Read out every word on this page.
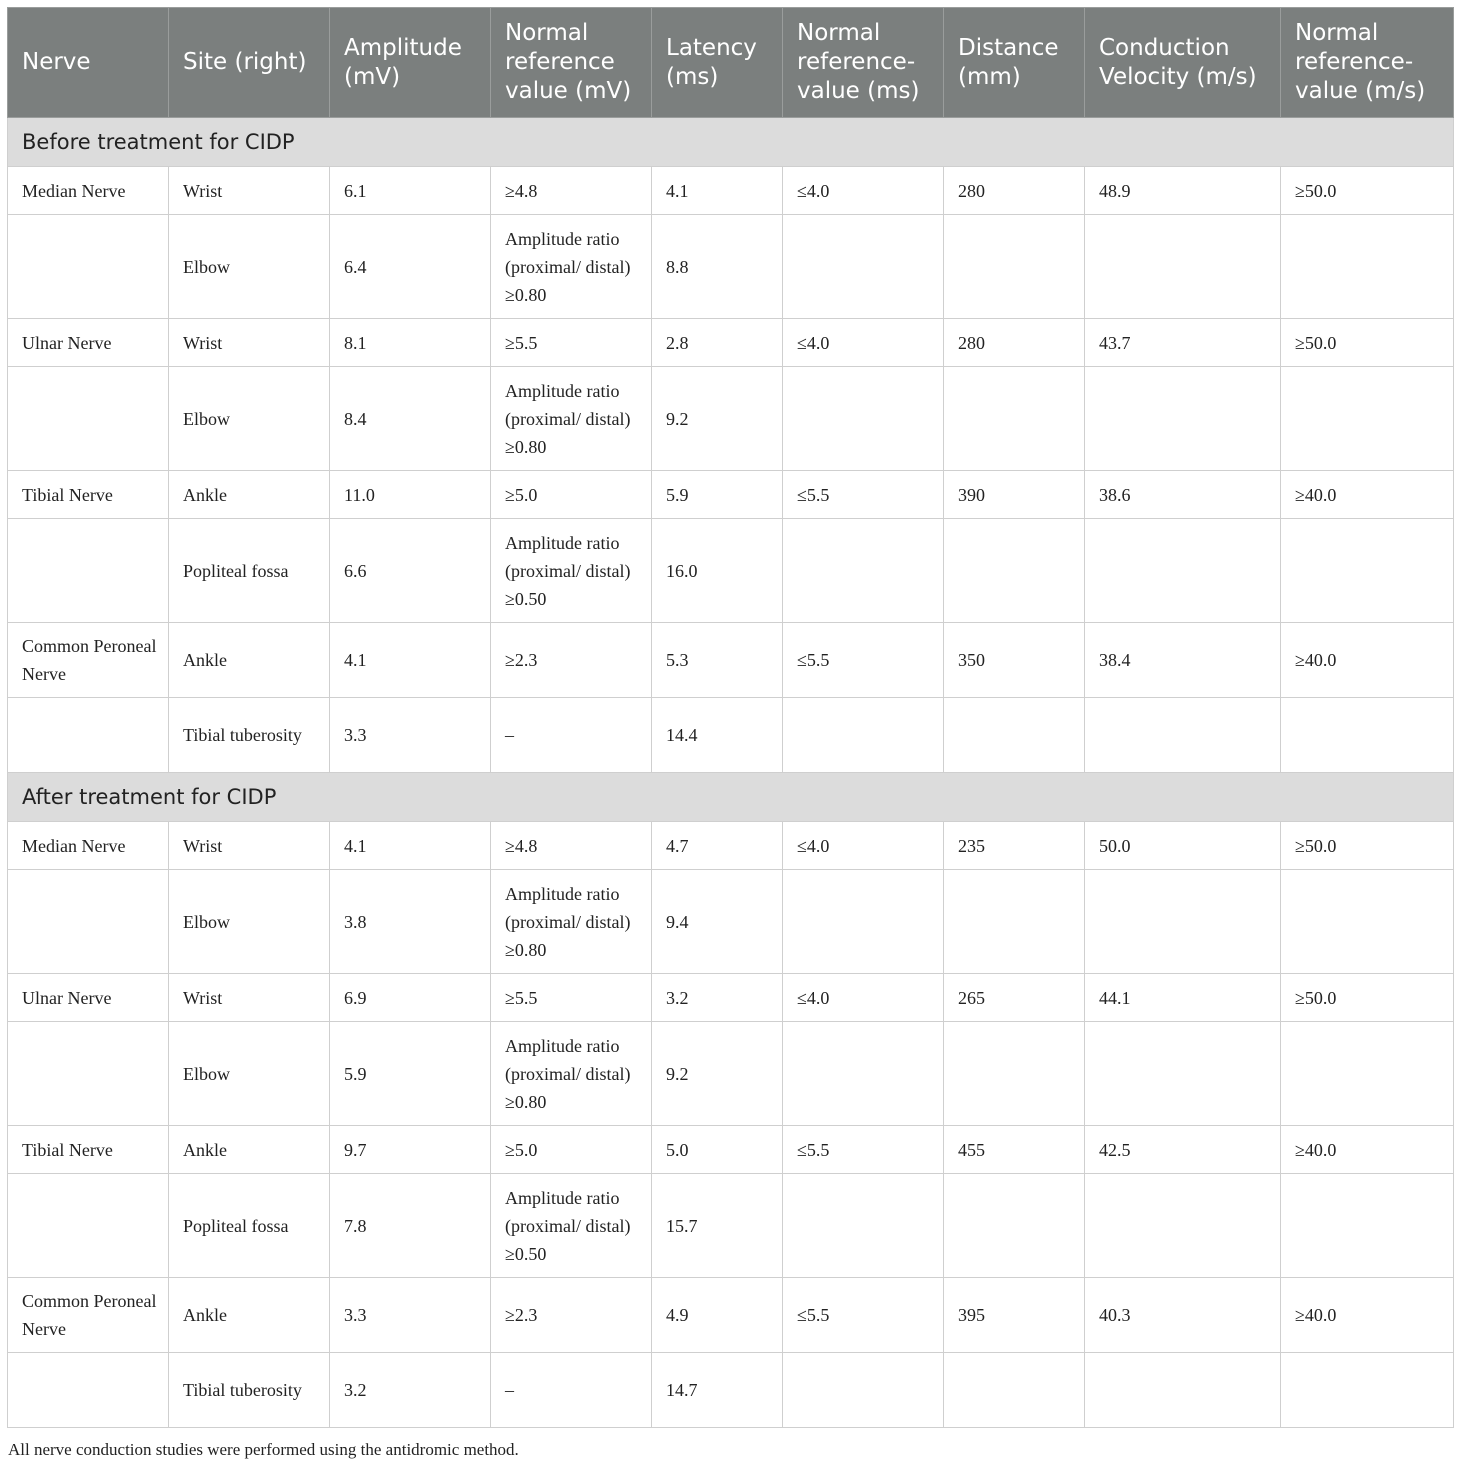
Nerve	Site (right)	Amplitude (mV)	Normal reference value (mV)	Latency (ms)	Normal reference-value (ms)	Distance (mm)	Conduction Velocity (m/s)	Normal reference-value (m/s)
Before treatment for CIDP								
Median Nerve	Wrist	6.1	≥4.8	4.1	≤4.0	280	48.9	≥50.0
	Elbow	6.4	Amplitude ratio (proximal/ distal) ≥0.80	8.8				
Ulnar Nerve	Wrist	8.1	≥5.5	2.8	≤4.0	280	43.7	≥50.0
	Elbow	8.4	Amplitude ratio (proximal/ distal) ≥0.80	9.2				
Tibial Nerve	Ankle	11.0	≥5.0	5.9	≤5.5	390	38.6	≥40.0
	Popliteal fossa	6.6	Amplitude ratio (proximal/ distal) ≥0.50	16.0				
Common Peroneal Nerve	Ankle	4.1	≥2.3	5.3	≤5.5	350	38.4	≥40.0
	Tibial tuberosity	3.3	–	14.4				
After treatment for CIDP								
Median Nerve	Wrist	4.1	≥4.8	4.7	≤4.0	235	50.0	≥50.0
	Elbow	3.8	Amplitude ratio (proximal/ distal) ≥0.80	9.4				
Ulnar Nerve	Wrist	6.9	≥5.5	3.2	≤4.0	265	44.1	≥50.0
	Elbow	5.9	Amplitude ratio (proximal/ distal) ≥0.80	9.2				
Tibial Nerve	Ankle	9.7	≥5.0	5.0	≤5.5	455	42.5	≥40.0
	Popliteal fossa	7.8	Amplitude ratio (proximal/ distal) ≥0.50	15.7				
Common Peroneal Nerve	Ankle	3.3	≥2.3	4.9	≤5.5	395	40.3	≥40.0
	Tibial tuberosity	3.2	–	14.7				

All nerve conduction studies were performed using the antidromic method.
